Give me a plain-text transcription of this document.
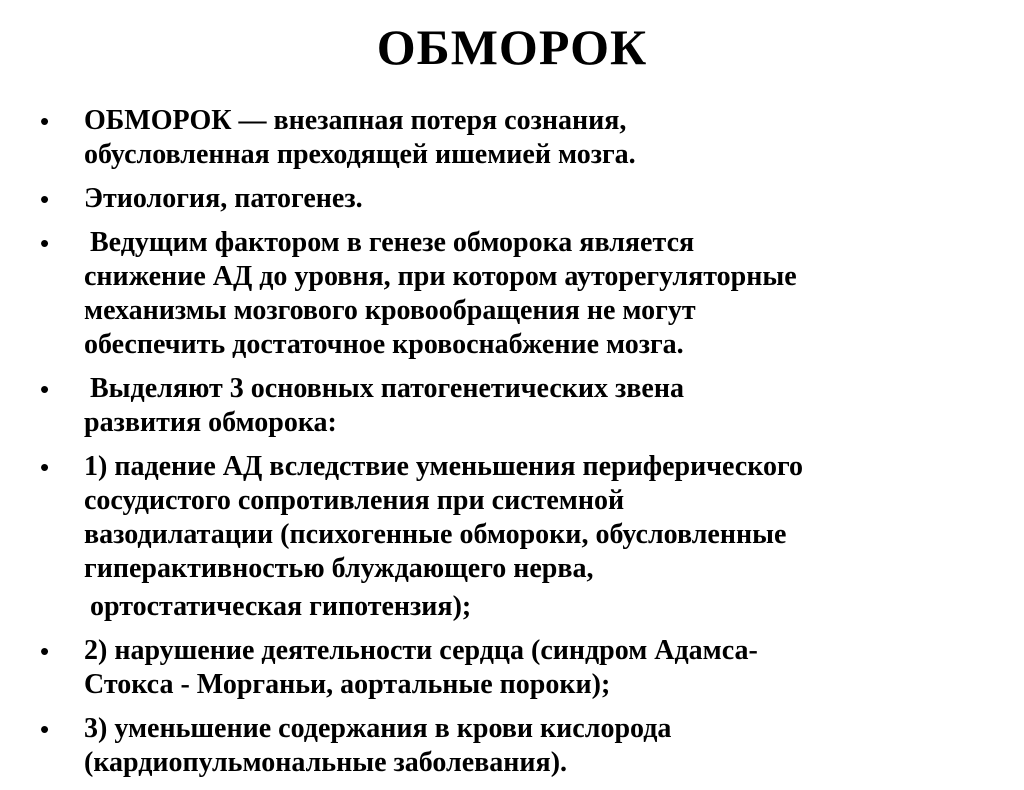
ОБМОРОК
• ОБМОРОК — внезапная потеря сознания,
обусловленная преходящей ишемией мозга.
• Этиология, патогенез.
• Ведущим фактором в генезе обморока является
снижение АД до уровня, при котором ауторегуляторные
механизмы мозгового кровообращения не могут
обеспечить достаточное кровоснабжение мозга.
• Выделяют 3 основных патогенетических звена
развития обморока:
• 1) падение АД вследствие уменьшения периферического
сосудистого сопротивления при системной
вазодилатации (психогенные обмороки, обусловленные
гиперактивностью блуждающего нерва,
ортостатическая гипотензия);
• 2) нарушение деятельности сердца (синдром Адамса-
Стокса - Морганьи, аортальные пороки);
• 3) уменьшение содержания в крови кислорода
(кардиопульмональные заболевания).
